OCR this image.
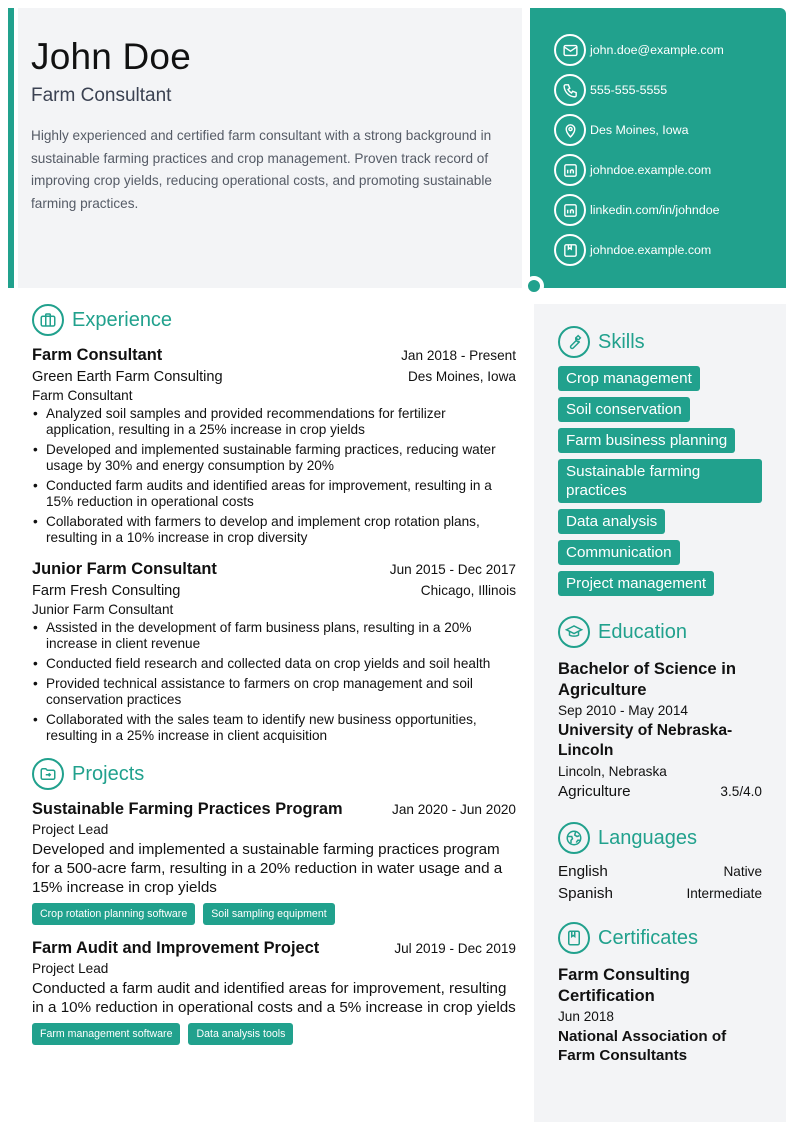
John Doe
Farm Consultant
Highly experienced and certified farm consultant with a strong background in sustainable farming practices and crop management. Proven track record of improving crop yields, reducing operational costs, and promoting sustainable farming practices.
john.doe@example.com
555-555-5555
Des Moines, Iowa
johndoe.example.com
linkedin.com/in/johndoe
johndoe.example.com
Experience
Farm Consultant	Jan 2018 - Present
Green Earth Farm Consulting	Des Moines, Iowa
Farm Consultant
• Analyzed soil samples and provided recommendations for fertilizer application, resulting in a 25% increase in crop yields
• Developed and implemented sustainable farming practices, reducing water usage by 30% and energy consumption by 20%
• Conducted farm audits and identified areas for improvement, resulting in a 15% reduction in operational costs
• Collaborated with farmers to develop and implement crop rotation plans, resulting in a 10% increase in crop diversity
Junior Farm Consultant	Jun 2015 - Dec 2017
Farm Fresh Consulting	Chicago, Illinois
Junior Farm Consultant
• Assisted in the development of farm business plans, resulting in a 20% increase in client revenue
• Conducted field research and collected data on crop yields and soil health
• Provided technical assistance to farmers on crop management and soil conservation practices
• Collaborated with the sales team to identify new business opportunities, resulting in a 25% increase in client acquisition
Projects
Sustainable Farming Practices Program	Jan 2020 - Jun 2020
Project Lead
Developed and implemented a sustainable farming practices program for a 500-acre farm, resulting in a 20% reduction in water usage and a 15% increase in crop yields
Crop rotation planning software	Soil sampling equipment
Farm Audit and Improvement Project	Jul 2019 - Dec 2019
Project Lead
Conducted a farm audit and identified areas for improvement, resulting in a 10% reduction in operational costs and a 5% increase in crop yields
Farm management software	Data analysis tools
Skills
Crop management
Soil conservation
Farm business planning
Sustainable farming practices
Data analysis
Communication
Project management
Education
Bachelor of Science in Agriculture
Sep 2010 - May 2014
University of Nebraska-Lincoln
Lincoln, Nebraska
Agriculture	3.5/4.0
Languages
English	Native
Spanish	Intermediate
Certificates
Farm Consulting Certification
Jun 2018
National Association of Farm Consultants
